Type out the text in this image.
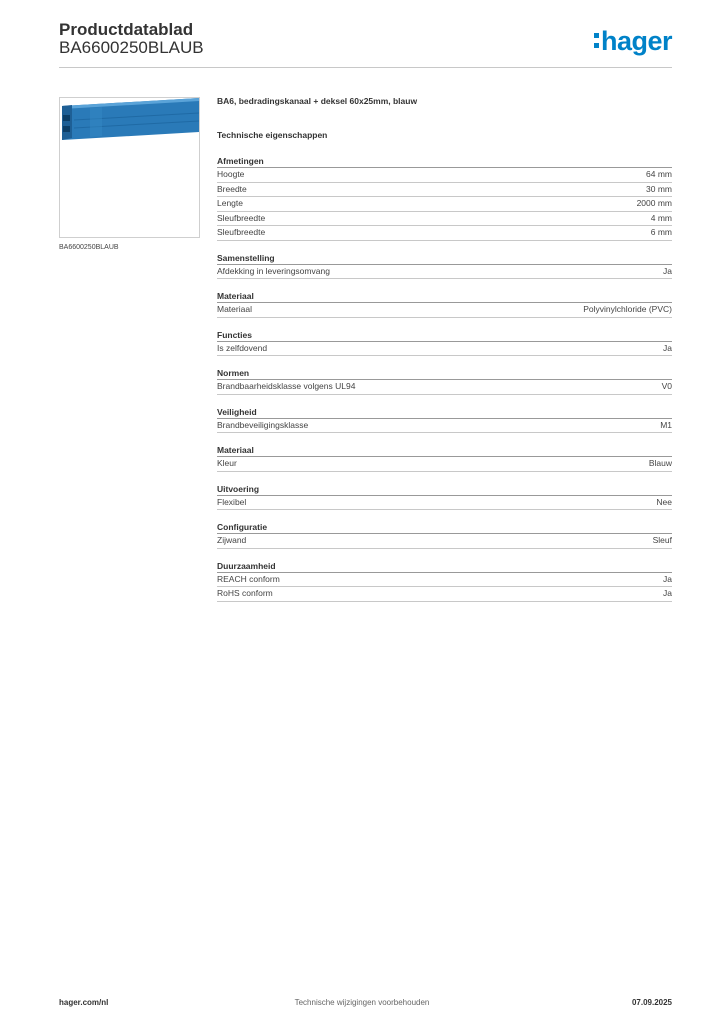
Productdatablad
BA6600250BLAUB	hager
BA6600250BLAUB
BA6, bedradingskanaal + deksel 60x25mm, blauw
Technische eigenschappen
Afmetingen
Hoogte	64 mm
Breedte	30 mm
Lengte	2000 mm
Sleufbreedte	4 mm
Sleufbreedte	6 mm
Samenstelling
Afdekking in leveringsomvang	Ja
Materiaal
Materiaal	Polyvinylchloride (PVC)
Functies
Is zelfdovend	Ja
Normen
Brandbaarheidsklasse volgens UL94	V0
Veiligheid
Brandbeveiligingsklasse	M1
Materiaal
Kleur	Blauw
Uitvoering
Flexibel	Nee
Configuratie
Zijwand	Sleuf
Duurzaamheid
REACH conform	Ja
RoHS conform	Ja
hager.com/nl	Technische wijzigingen voorbehouden	07.09.2025
